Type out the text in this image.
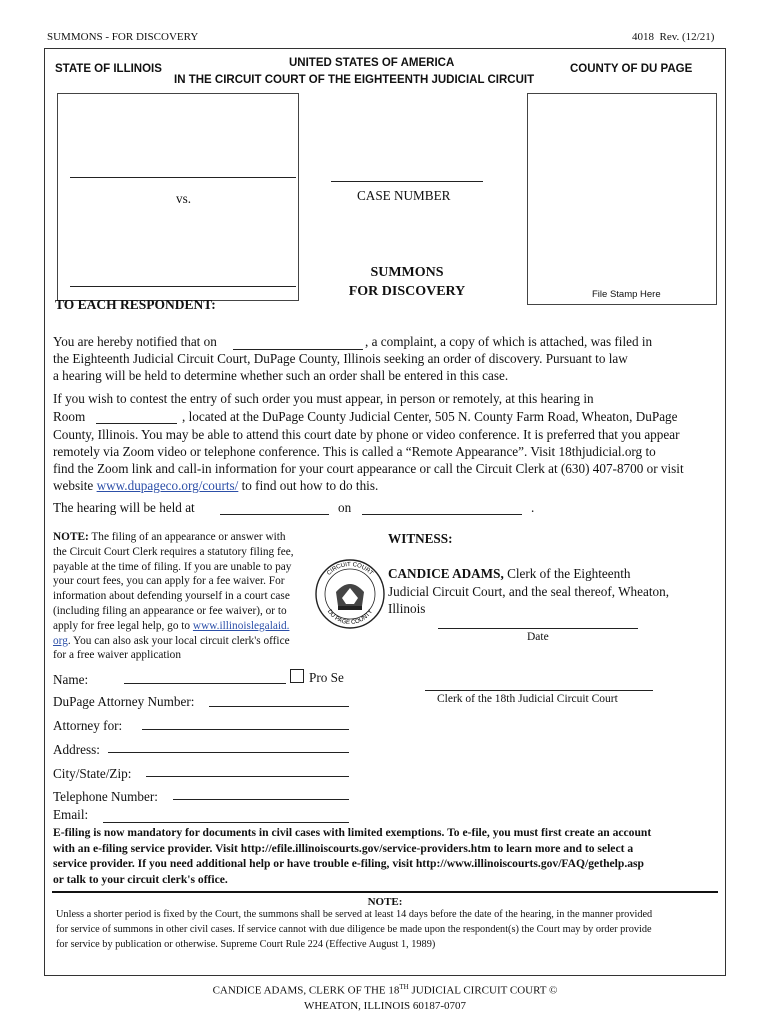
SUMMONS - FOR DISCOVERY	4018 Rev. (12/21)
STATE OF ILLINOIS	UNITED STATES OF AMERICA	COUNTY OF DU PAGE
IN THE CIRCUIT COURT OF THE EIGHTEENTH JUDICIAL CIRCUIT
vs.	CASE NUMBER
SUMMONS
FOR DISCOVERY	File Stamp Here
TO EACH RESPONDENT:
You are hereby notified that on	, a complaint, a copy of which is attached, was filed in
the Eighteenth Judicial Circuit Court, DuPage County, Illinois seeking an order of discovery. Pursuant to law
a hearing will be held to determine whether such an order shall be entered in this case.
If you wish to contest the entry of such order you must appear, in person or remotely, at this hearing in
Room	, located at the DuPage County Judicial Center, 505 N. County Farm Road, Wheaton, DuPage
County, Illinois. You may be able to attend this court date by phone or video conference. It is preferred that you appear
remotely via Zoom video or telephone conference. This is called a “Remote Appearance”. Visit 18thjudicial.org to
find the Zoom link and call-in information for your court appearance or call the Circuit Clerk at (630) 407-8700 or visit
website www.dupageco.org/courts/ to find out how to do this.
The hearing will be held at	on	.
NOTE: The filing of an appearance or answer with
the Circuit Court Clerk requires a statutory filing fee,
payable at the time of filing. If you are unable to pay
your court fees, you can apply for a fee waiver. For
information about defending yourself in a court case
(including filing an appearance or fee waiver), or to
apply for free legal help, go to www.illinoislegalaid.
org. You can also ask your local circuit clerk's office
for a free waiver application
CIRCUIT COURT
DU PAGE COUNTY
WITNESS:
CANDICE ADAMS, Clerk of the Eighteenth
Judicial Circuit Court, and the seal thereof, Wheaton,
Illinois
Date
Clerk of the 18th Judicial Circuit Court
Name:	Pro Se
DuPage Attorney Number:
Attorney for:
Address:
City/State/Zip:
Telephone Number:
Email:
E-filing is now mandatory for documents in civil cases with limited exemptions. To e-file, you must first create an account
with an e-filing service provider. Visit http://efile.illinoiscourts.gov/service-providers.htm to learn more and to select a
service provider. If you need additional help or have trouble e-filing, visit http://www.illinoiscourts.gov/FAQ/gethelp.asp
or talk to your circuit clerk's office.
NOTE:
Unless a shorter period is fixed by the Court, the summons shall be served at least 14 days before the date of the hearing, in the manner provided
for service of summons in other civil cases. If service cannot with due diligence be made upon the respondent(s) the Court may by order provide
for service by publication or otherwise. Supreme Court Rule 224 (Effective August 1, 1989)
CANDICE ADAMS, CLERK OF THE 18TH JUDICIAL CIRCUIT COURT ©
WHEATON, ILLINOIS 60187-0707
